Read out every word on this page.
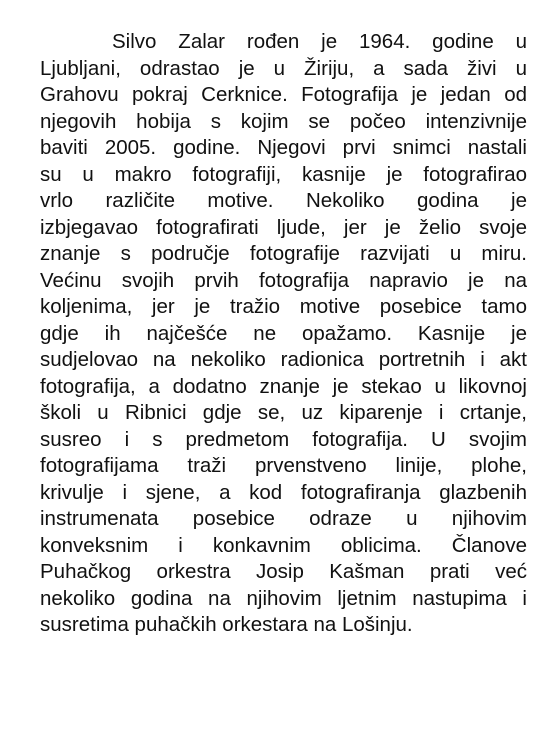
Silvo Zalar rođen je 1964. godine u
Ljubljani, odrastao je u Žiriju, a sada živi u
Grahovu pokraj Cerknice. Fotografija je jedan od
njegovih hobija s kojim se počeo intenzivnije
baviti 2005. godine. Njegovi prvi snimci nastali
su u makro fotografiji, kasnije je fotografirao
vrlo različite motive. Nekoliko godina je
izbjegavao fotografirati ljude, jer je želio svoje
znanje s područje fotografije razvijati u miru.
Većinu svojih prvih fotografija napravio je na
koljenima, jer je tražio motive posebice tamo
gdje ih najčešće ne opažamo. Kasnije je
sudjelovao na nekoliko radionica portretnih i akt
fotografija, a dodatno znanje je stekao u likovnoj
školi u Ribnici gdje se, uz kiparenje i crtanje,
susreo i s predmetom fotografija. U svojim
fotografijama traži prvenstveno linije, plohe,
krivulje i sjene, a kod fotografiranja glazbenih
instrumenata posebice odraze u njihovim
konveksnim i konkavnim oblicima. Članove
Puhačkog orkestra Josip Kašman prati već
nekoliko godina na njihovim ljetnim nastupima i
susretima puhačkih orkestara na Lošinju.
